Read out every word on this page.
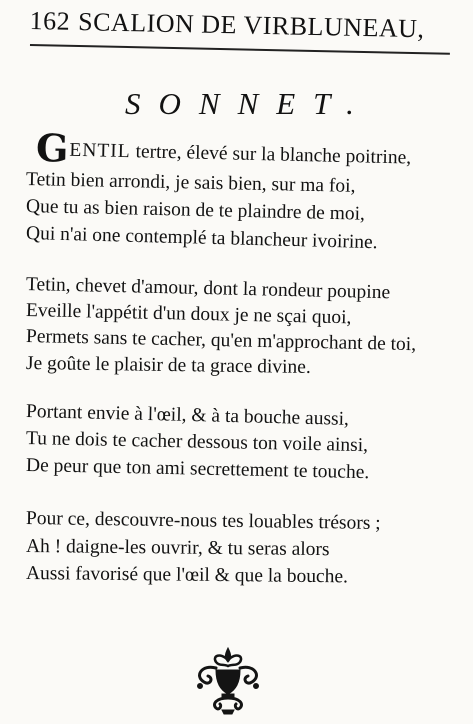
162 SCALION DE VIRBLUNEAU,
SONNET.
GENTIL tertre, élevé sur la blanche poitrine,
Tetin bien arrondi, je sais bien, sur ma foi,
Que tu as bien raison de te plaindre de moi,
Qui n'ai one contemplé ta blancheur ivoirine.
Tetin, chevet d'amour, dont la rondeur poupine
Eveille l'appétit d'un doux je ne sçai quoi,
Permets sans te cacher, qu'en m'approchant de toi,
Je goûte le plaisir de ta grace divine.
Portant envie à l'œil, & à ta bouche aussi,
Tu ne dois te cacher dessous ton voile ainsi,
De peur que ton ami secrettement te touche.
Pour ce, descouvre-nous tes louables trésors ;
Ah ! daigne-les ouvrir, & tu seras alors
Aussi favorisé que l'œil & que la bouche.
